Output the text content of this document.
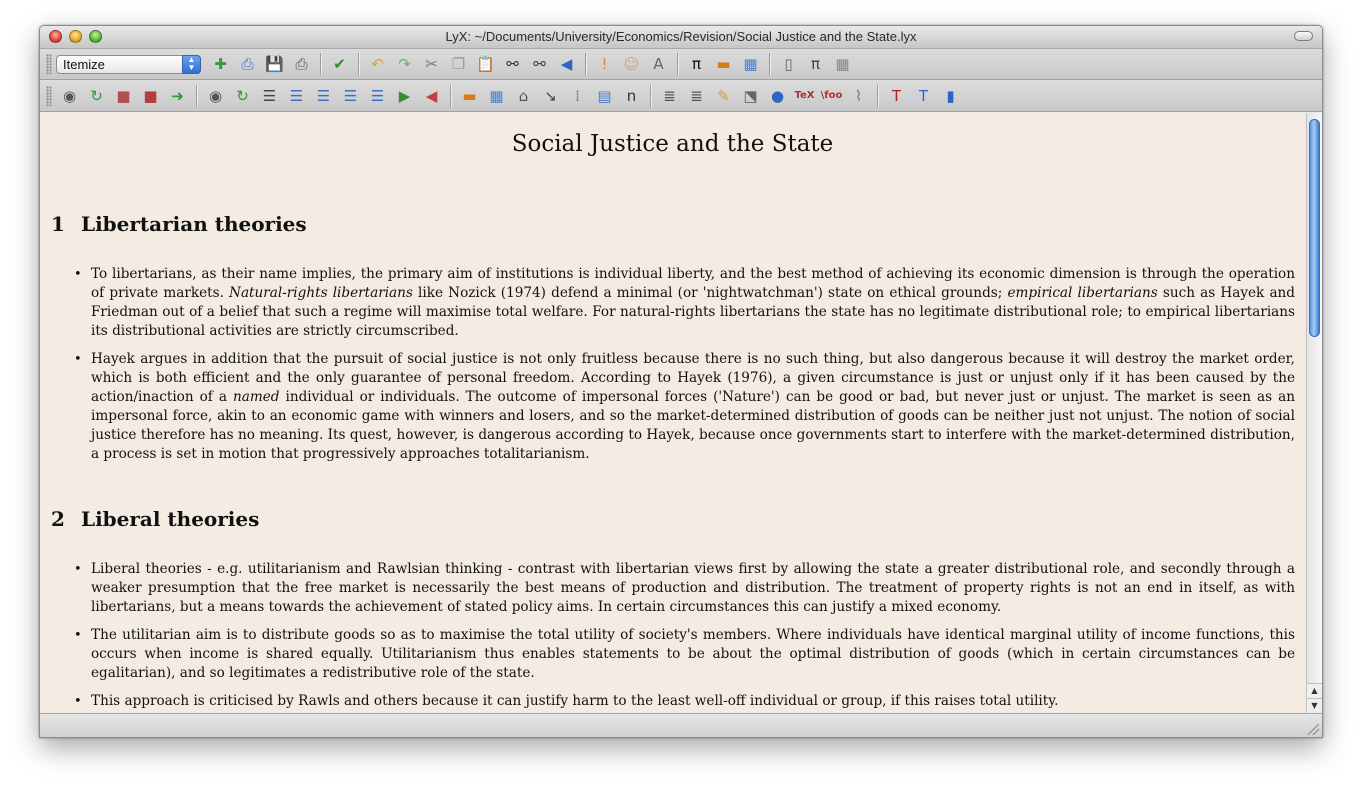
LyX: ~/Documents/University/Economics/Revision/Social Justice and the State.lyx
Itemize	▲
▼	✚ ⎙ 💾 ⎙	✔	↶ ↷ ✂ ❐ 📋 ⚯ ⚯ ◀	!	☺ A	π	▬ ▦	▯	π	▦
◉ ↻ ■ ■ ➜	◉ ↻ ☰ ☰ ☰ ☰ ☰ ▶	◀	▬ ▦	⌂	↘	⁞	▤	n	≣ ≣ ✎ ⬔ ●	TeX \foo ⌇	T	T	▮
Social Justice and the State
1 Libertarian theories
• To libertarians, as their name implies, the primary aim of institutions is individual liberty, and the best method of achieving its economic dimension is through the operation of private markets. Natural-rights libertarians like Nozick (1974) defend a minimal (or 'nightwatchman') state on ethical grounds; empirical libertarians such as Hayek and Friedman out of a belief that such a regime will maximise total welfare. For natural-rights libertarians the state has no legitimate distributional role; to empirical libertarians its distributional activities are strictly circumscribed.
• Hayek argues in addition that the pursuit of social justice is not only fruitless because there is no such thing, but also dangerous because it will destroy the market order, which is both efficient and the only guarantee of personal freedom. According to Hayek (1976), a given circumstance is just or unjust only if it has been caused by the action/inaction of a named individual or individuals. The outcome of impersonal forces ('Nature') can be good or bad, but never just or unjust. The market is seen as an impersonal force, akin to an economic game with winners and losers, and so the market-determined distribution of goods can be neither just not unjust. The notion of social justice therefore has no meaning. Its quest, however, is dangerous according to Hayek, because once governments start to interfere with the market-determined distribution, a process is set in motion that progressively approaches totalitarianism.
2 Liberal theories
• Liberal theories - e.g. utilitarianism and Rawlsian thinking - contrast with libertarian views first by allowing the state a greater distributional role, and secondly through a weaker presumption that the free market is necessarily the best means of production and distribution. The treatment of property rights is not an end in itself, as with libertarians, but a means towards the achievement of stated policy aims. In certain circumstances this can justify a mixed economy.
• The utilitarian aim is to distribute goods so as to maximise the total utility of society's members. Where individuals have identical marginal utility of income functions, this occurs when income is shared equally. Utilitarianism thus enables statements to be about the optimal distribution of goods (which in certain circumstances can be egalitarian), and so legitimates a redistributive role of the state.
• This approach is criticised by Rawls and others because it can justify harm to the least well-off individual or group, if this raises total utility.
▲
▼
